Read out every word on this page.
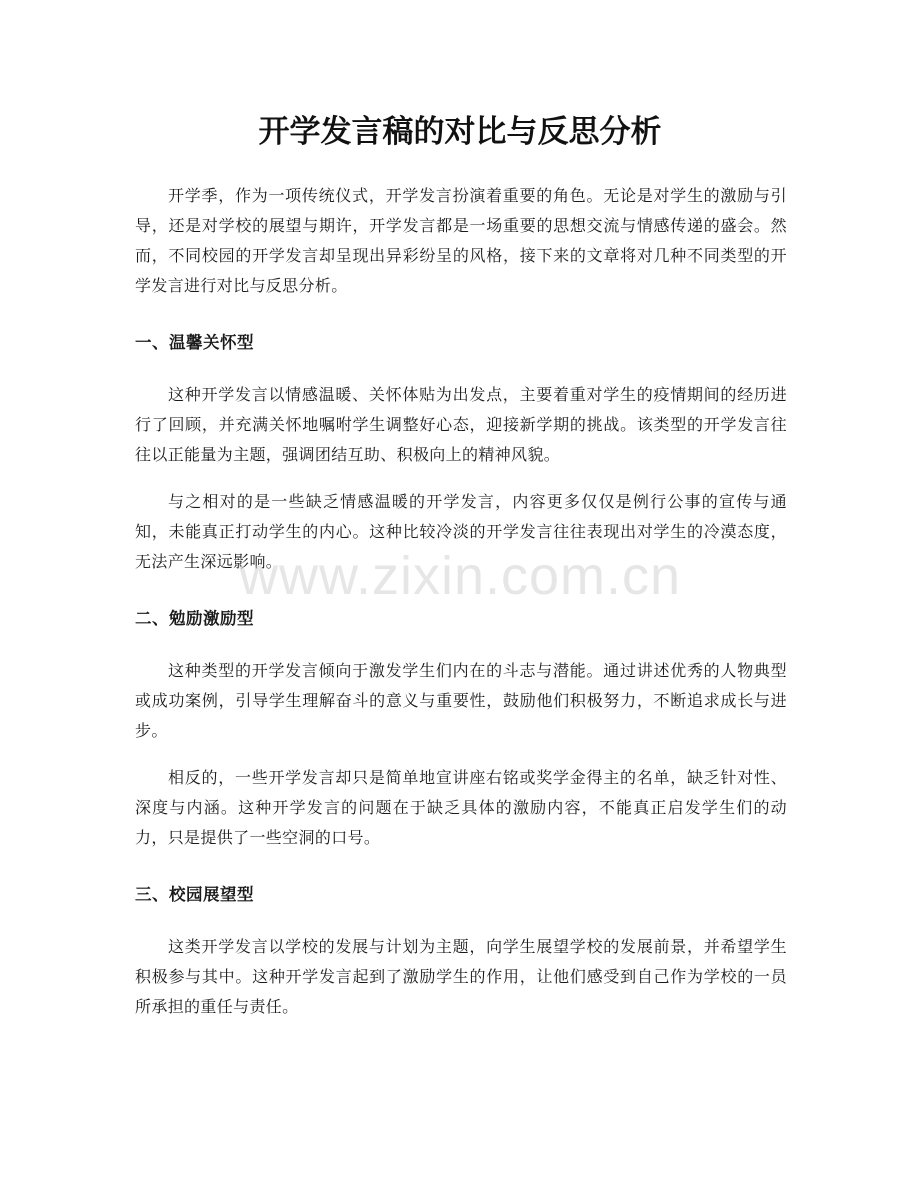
开学发言稿的对比与反思分析

开学季，作为一项传统仪式，开学发言扮演着重要的角色。无论是对学生的激励与引导，还是对学校的展望与期许，开学发言都是一场重要的思想交流与情感传递的盛会。然而，不同校园的开学发言却呈现出异彩纷呈的风格，接下来的文章将对几种不同类型的开学发言进行对比与反思分析。

一、温馨关怀型

这种开学发言以情感温暖、关怀体贴为出发点，主要着重对学生的疫情期间的经历进行了回顾，并充满关怀地嘱咐学生调整好心态，迎接新学期的挑战。该类型的开学发言往往以正能量为主题，强调团结互助、积极向上的精神风貌。

与之相对的是一些缺乏情感温暖的开学发言，内容更多仅仅是例行公事的宣传与通知，未能真正打动学生的内心。这种比较冷淡的开学发言往往表现出对学生的冷漠态度，无法产生深远影响。

二、勉励激励型

这种类型的开学发言倾向于激发学生们内在的斗志与潜能。通过讲述优秀的人物典型或成功案例，引导学生理解奋斗的意义与重要性，鼓励他们积极努力，不断追求成长与进步。

相反的，一些开学发言却只是简单地宣讲座右铭或奖学金得主的名单，缺乏针对性、深度与内涵。这种开学发言的问题在于缺乏具体的激励内容，不能真正启发学生们的动力，只是提供了一些空洞的口号。

三、校园展望型

这类开学发言以学校的发展与计划为主题，向学生展望学校的发展前景，并希望学生积极参与其中。这种开学发言起到了激励学生的作用，让他们感受到自己作为学校的一员所承担的重任与责任。

www.zixin.com.cn
